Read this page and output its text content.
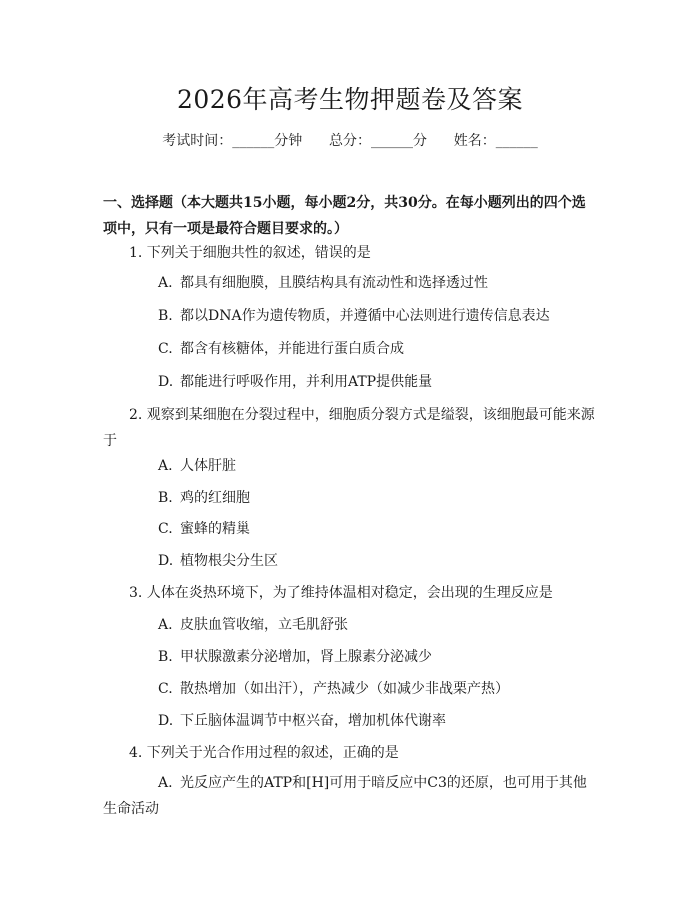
2026年高考生物押题卷及答案
考试时间：______分钟      总分：______分      姓名：______
一、选择题（本大题共15小题，每小题2分，共30分。在每小题列出的四个选项中，只有一项是最符合题目要求的。）
1. 下列关于细胞共性的叙述，错误的是
A. 都具有细胞膜，且膜结构具有流动性和选择透过性
B. 都以DNA作为遗传物质，并遵循中心法则进行遗传信息表达
C. 都含有核糖体，并能进行蛋白质合成
D. 都能进行呼吸作用，并利用ATP提供能量
2. 观察到某细胞在分裂过程中，细胞质分裂方式是缢裂，该细胞最可能来源于
A. 人体肝脏
B. 鸡的红细胞
C. 蜜蜂的精巢
D. 植物根尖分生区
3. 人体在炎热环境下，为了维持体温相对稳定，会出现的生理反应是
A. 皮肤血管收缩，立毛肌舒张
B. 甲状腺激素分泌增加，肾上腺素分泌减少
C. 散热增加（如出汗），产热减少（如减少非战栗产热）
D. 下丘脑体温调节中枢兴奋，增加机体代谢率
4. 下列关于光合作用过程的叙述，正确的是
A. 光反应产生的ATP和[H]可用于暗反应中C3的还原，也可用于其他生命活动
